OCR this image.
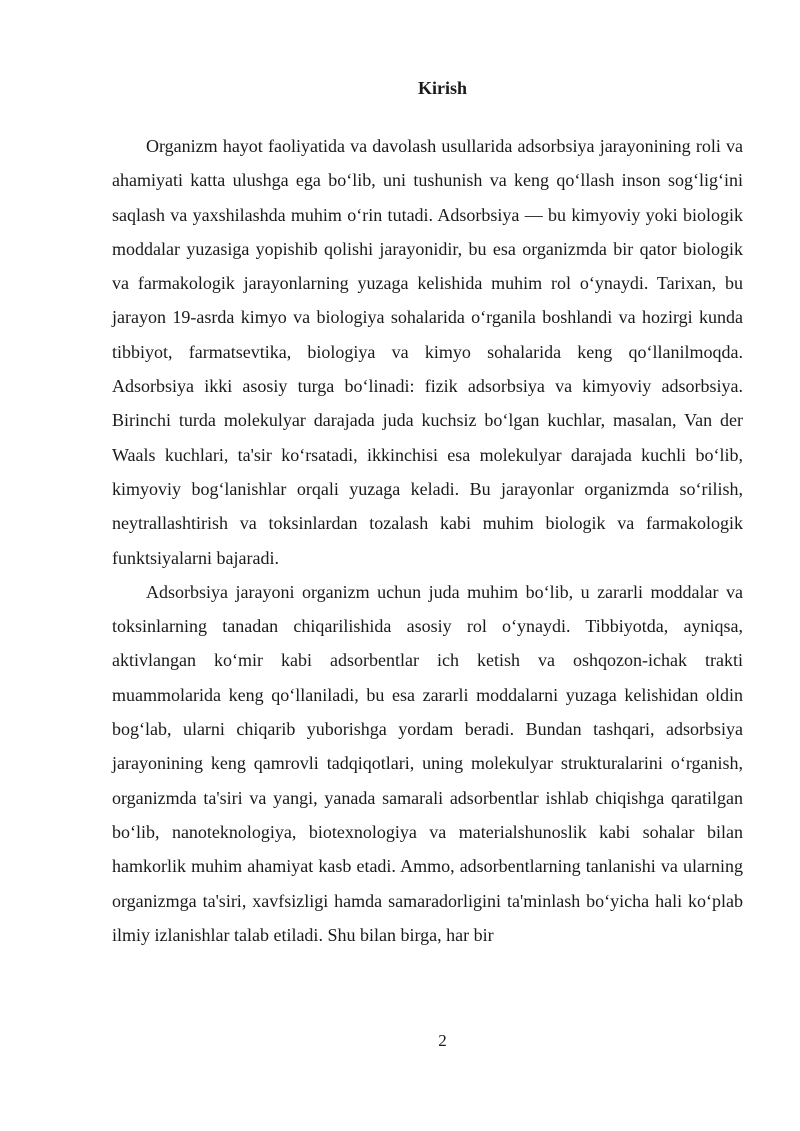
Kirish

Organizm hayot faoliyatida va davolash usullarida adsorbsiya jarayonining roli va ahamiyati katta ulushga ega bo‘lib, uni tushunish va keng qo‘llash inson sog‘lig‘ini saqlash va yaxshilashda muhim o‘rin tutadi. Adsorbsiya — bu kimyoviy yoki biologik moddalar yuzasiga yopishib qolishi jarayonidir, bu esa organizmda bir qator biologik va farmakologik jarayonlarning yuzaga kelishida muhim rol o‘ynaydi. Tarixan, bu jarayon 19-asrda kimyo va biologiya sohalarida o‘rganila boshlandi va hozirgi kunda tibbiyot, farmatsevtika, biologiya va kimyo sohalarida keng qo‘llanilmoqda. Adsorbsiya ikki asosiy turga bo‘linadi: fizik adsorbsiya va kimyoviy adsorbsiya. Birinchi turda molekulyar darajada juda kuchsiz bo‘lgan kuchlar, masalan, Van der Waals kuchlari, ta'sir ko‘rsatadi, ikkinchisi esa molekulyar darajada kuchli bo‘lib, kimyoviy bog‘lanishlar orqali yuzaga keladi. Bu jarayonlar organizmda so‘rilish, neytrallashtirish va toksinlardan tozalash kabi muhim biologik va farmakologik funktsiyalarni bajaradi.

Adsorbsiya jarayoni organizm uchun juda muhim bo‘lib, u zararli moddalar va toksinlarning tanadan chiqarilishida asosiy rol o‘ynaydi. Tibbiyotda, ayniqsa, aktivlangan ko‘mir kabi adsorbentlar ich ketish va oshqozon-ichak trakti muammolarida keng qo‘llaniladi, bu esa zararli moddalarni yuzaga kelishidan oldin bog‘lab, ularni chiqarib yuborishga yordam beradi. Bundan tashqari, adsorbsiya jarayonining keng qamrovli tadqiqotlari, uning molekulyar strukturalarini o‘rganish, organizmda ta'siri va yangi, yanada samarali adsorbentlar ishlab chiqishga qaratilgan bo‘lib, nanoteknologiya, biotexnologiya va materialshunoslik kabi sohalar bilan hamkorlik muhim ahamiyat kasb etadi. Ammo, adsorbentlarning tanlanishi va ularning organizmga ta'siri, xavfsizligi hamda samaradorligini ta'minlash bo‘yicha hali ko‘plab ilmiy izlanishlar talab etiladi. Shu bilan birga, har bir

2
